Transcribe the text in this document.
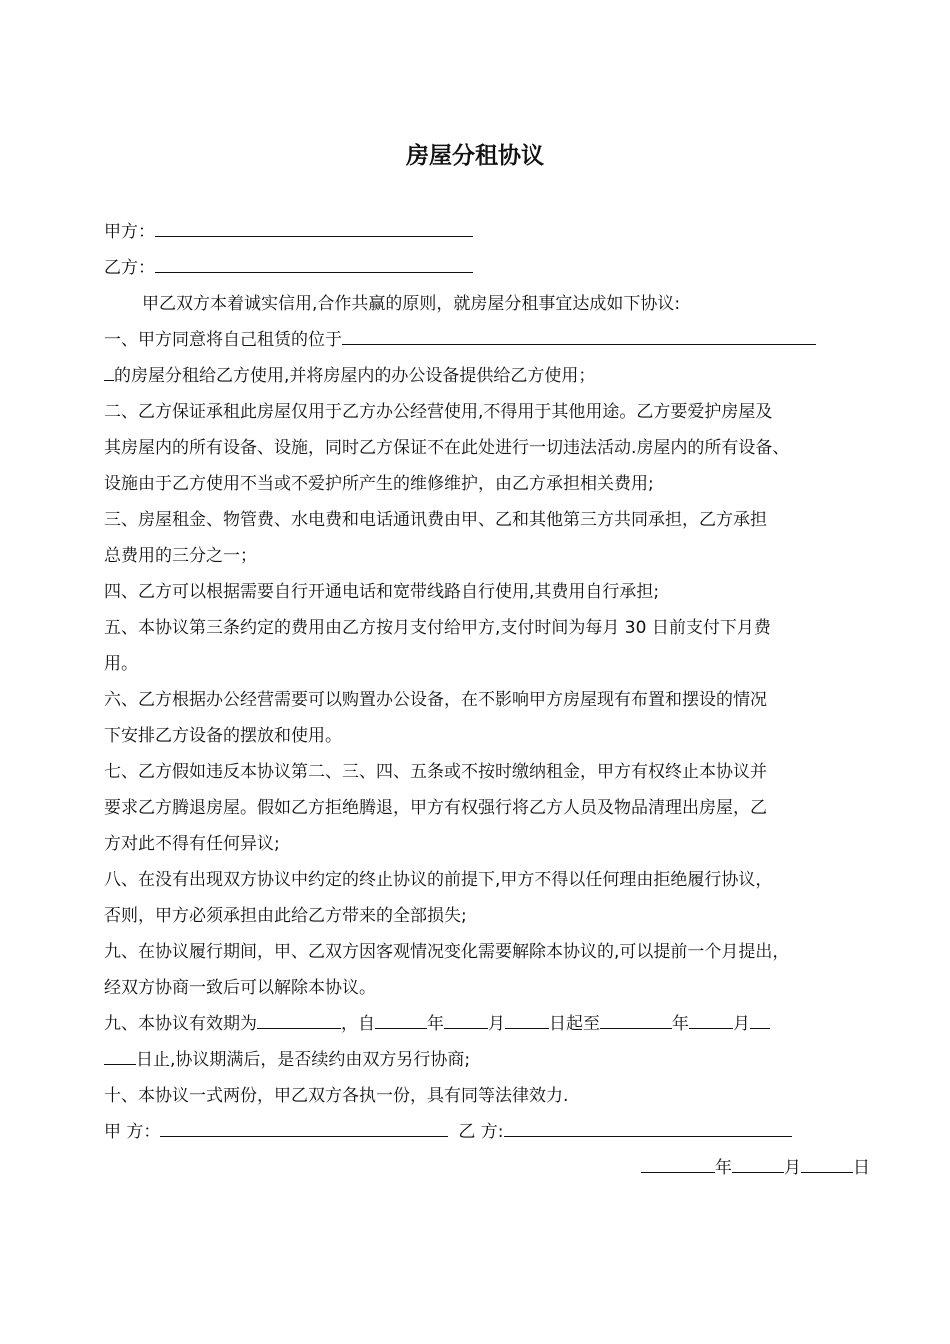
房屋分租协议
甲方：
乙方：
甲乙双方本着诚实信用,合作共赢的原则，就房屋分租事宜达成如下协议:
一、甲方同意将自己租赁的位于
的房屋分租给乙方使用,并将房屋内的办公设备提供给乙方使用；
二、乙方保证承租此房屋仅用于乙方办公经营使用,不得用于其他用途。乙方要爱护房屋及
其房屋内的所有设备、设施，同时乙方保证不在此处进行一切违法活动.房屋内的所有设备、
设施由于乙方使用不当或不爱护所产生的维修维护，由乙方承担相关费用;
三、房屋租金、物管费、水电费和电话通讯费由甲、乙和其他第三方共同承担，乙方承担
总费用的三分之一；
四、乙方可以根据需要自行开通电话和宽带线路自行使用,其费用自行承担;
五、本协议第三条约定的费用由乙方按月支付给甲方,支付时间为每月 30 日前支付下月费
用。
六、乙方根据办公经营需要可以购置办公设备，在不影响甲方房屋现有布置和摆设的情况
下安排乙方设备的摆放和使用。
七、乙方假如违反本协议第二、三、四、五条或不按时缴纳租金，甲方有权终止本协议并
要求乙方腾退房屋。假如乙方拒绝腾退，甲方有权强行将乙方人员及物品清理出房屋，乙
方对此不得有任何异议;
八、在没有出现双方协议中约定的终止协议的前提下,甲方不得以任何理由拒绝履行协议，
否则，甲方必须承担由此给乙方带来的全部损失;
九、在协议履行期间，甲、乙双方因客观情况变化需要解除本协议的,可以提前一个月提出，
经双方协商一致后可以解除本协议。
九、本协议有效期为	，自	年	月	日起至	年	月
日止,协议期满后，是否续约由双方另行协商;
十、本协议一式两份，甲乙双方各执一份，具有同等法律效力.
甲 方：	乙 方:
年	月	日
